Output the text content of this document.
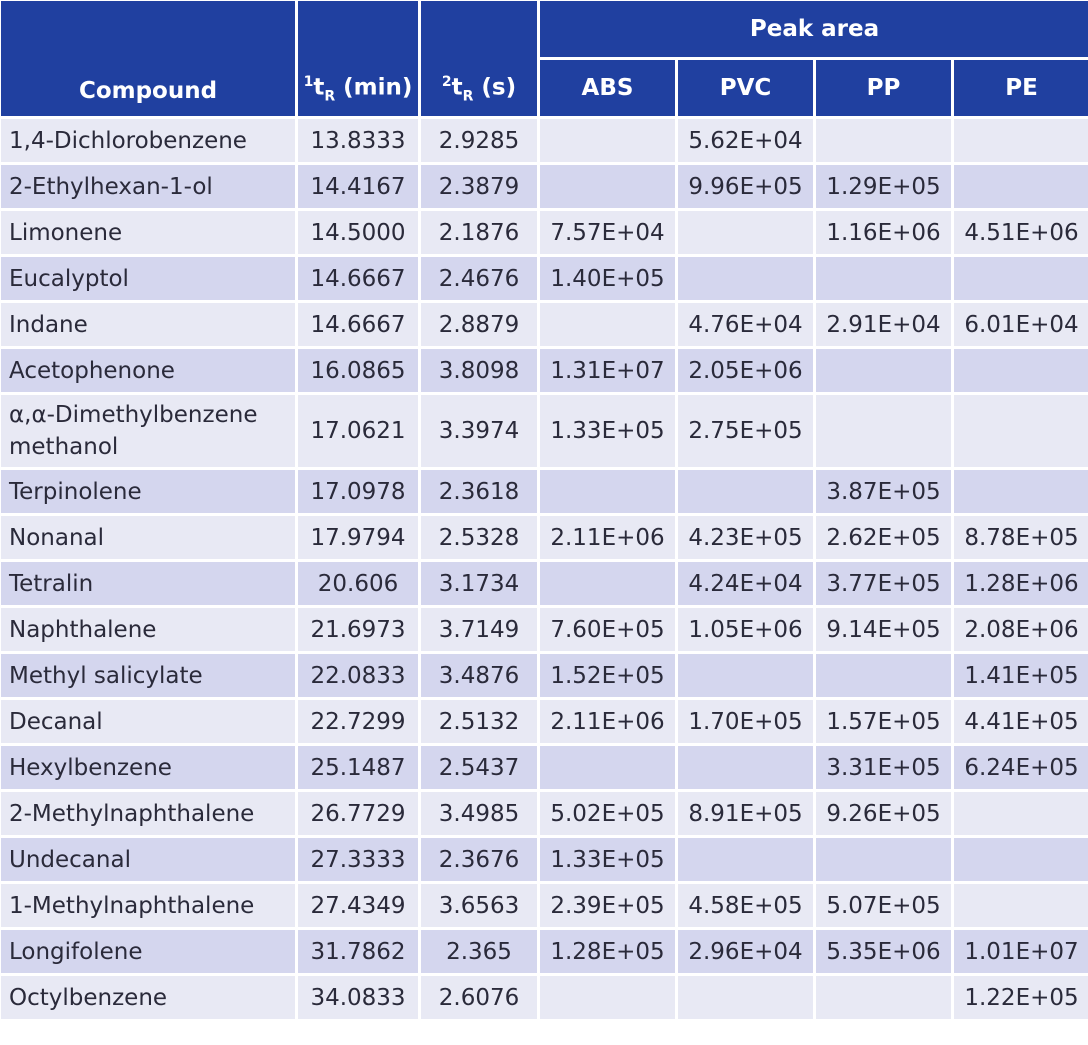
Compound	$^1t_R$ (min)	$^2t_R$ (s)	Peak area			
			ABS	PVC	PP	PE
1,4-Dichlorobenzene	13.8333	2.9285		5.62E+04		
2-Ethylhexan-1-ol	14.4167	2.3879		9.96E+05	1.29E+05	
Limonene	14.5000	2.1876	7.57E+04		1.16E+06	4.51E+06
Eucalyptol	14.6667	2.4676	1.40E+05			
Indane	14.6667	2.8879		4.76E+04	2.91E+04	6.01E+04
Acetophenone	16.0865	3.8098	1.31E+07	2.05E+06		
α,α-Dimethylbenzene methanol	17.0621	3.3974	1.33E+05	2.75E+05		
Terpinolene	17.0978	2.3618			3.87E+05	
Nonanal	17.9794	2.5328	2.11E+06	4.23E+05	2.62E+05	8.78E+05
Tetralin	20.606	3.1734		4.24E+04	3.77E+05	1.28E+06
Naphthalene	21.6973	3.7149	7.60E+05	1.05E+06	9.14E+05	2.08E+06
Methyl salicylate	22.0833	3.4876	1.52E+05			1.41E+05
Decanal	22.7299	2.5132	2.11E+06	1.70E+05	1.57E+05	4.41E+05
Hexylbenzene	25.1487	2.5437			3.31E+05	6.24E+05
2-Methylnaphthalene	26.7729	3.4985	5.02E+05	8.91E+05	9.26E+05	
Undecanal	27.3333	2.3676	1.33E+05			
1-Methylnaphthalene	27.4349	3.6563	2.39E+05	4.58E+05	5.07E+05	
Longifolene	31.7862	2.365	1.28E+05	2.96E+04	5.35E+06	1.01E+07
Octylbenzene	34.0833	2.6076				1.22E+05
